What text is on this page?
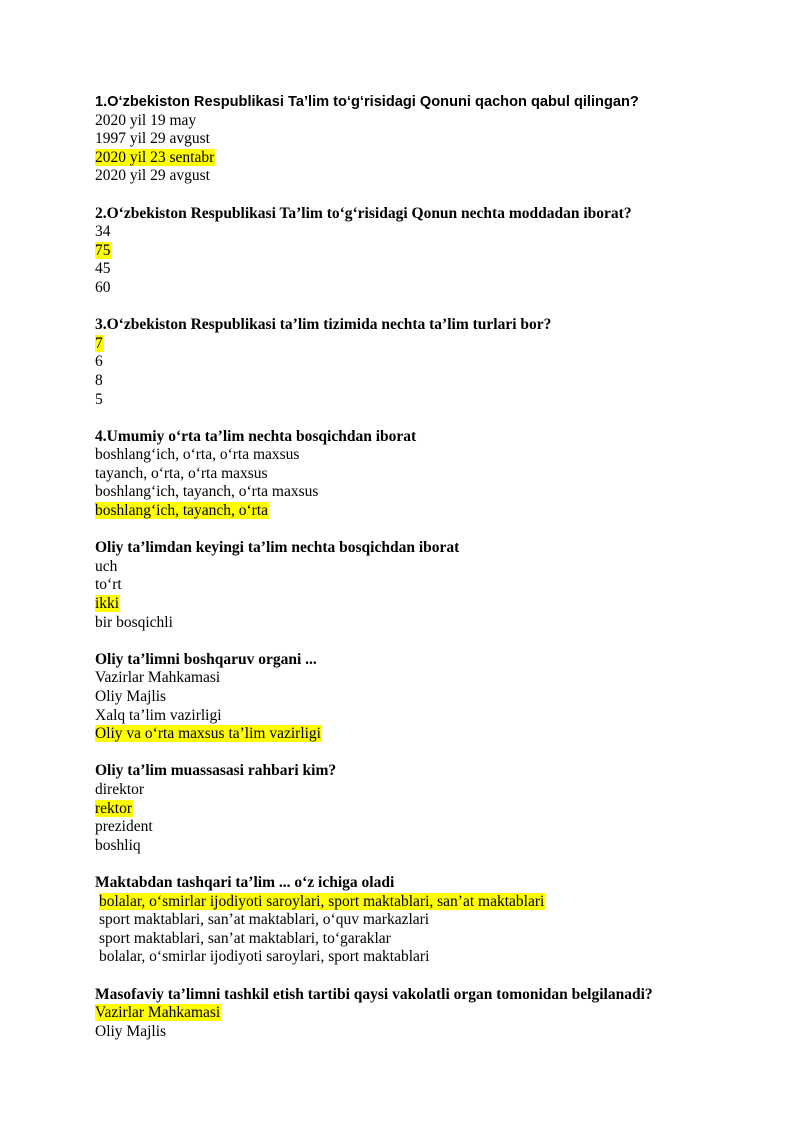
1.O‘zbekiston Respublikasi Ta’lim to‘g‘risidagi Qonuni qachon qabul qilingan?
2020 yil 19 may
1997 yil 29 avgust
2020 yil 23 sentabr
2020 yil 29 avgust
2.O‘zbekiston Respublikasi Ta’lim to‘g‘risidagi Qonun nechta moddadan iborat?
34
75
45
60
3.O‘zbekiston Respublikasi ta’lim tizimida nechta ta’lim turlari bor?
7
6
8
5
4.Umumiy o‘rta ta’lim nechta bosqichdan iborat
boshlang‘ich, o‘rta, o‘rta maxsus
tayanch, o‘rta, o‘rta maxsus
boshlang‘ich, tayanch, o‘rta maxsus
boshlang‘ich, tayanch, o‘rta
Oliy ta’limdan keyingi ta’lim nechta bosqichdan iborat
uch
to‘rt
ikki
bir bosqichli
Oliy ta’limni boshqaruv organi ...
Vazirlar Mahkamasi
Oliy Majlis
Xalq ta’lim vazirligi
Oliy va o‘rta maxsus ta’lim vazirligi
Oliy ta’lim muassasasi rahbari kim?
direktor
rektor
prezident
boshliq
Maktabdan tashqari ta’lim ... o‘z ichiga oladi
bolalar, o‘smirlar ijodiyoti saroylari, sport maktablari, san’at maktablari
sport maktablari, san’at maktablari, o‘quv markazlari
sport maktablari, san’at maktablari, to‘garaklar
bolalar, o‘smirlar ijodiyoti saroylari, sport maktablari
Masofaviy ta’limni tashkil etish tartibi qaysi vakolatli organ tomonidan belgilanadi?
Vazirlar Mahkamasi
Oliy Majlis
